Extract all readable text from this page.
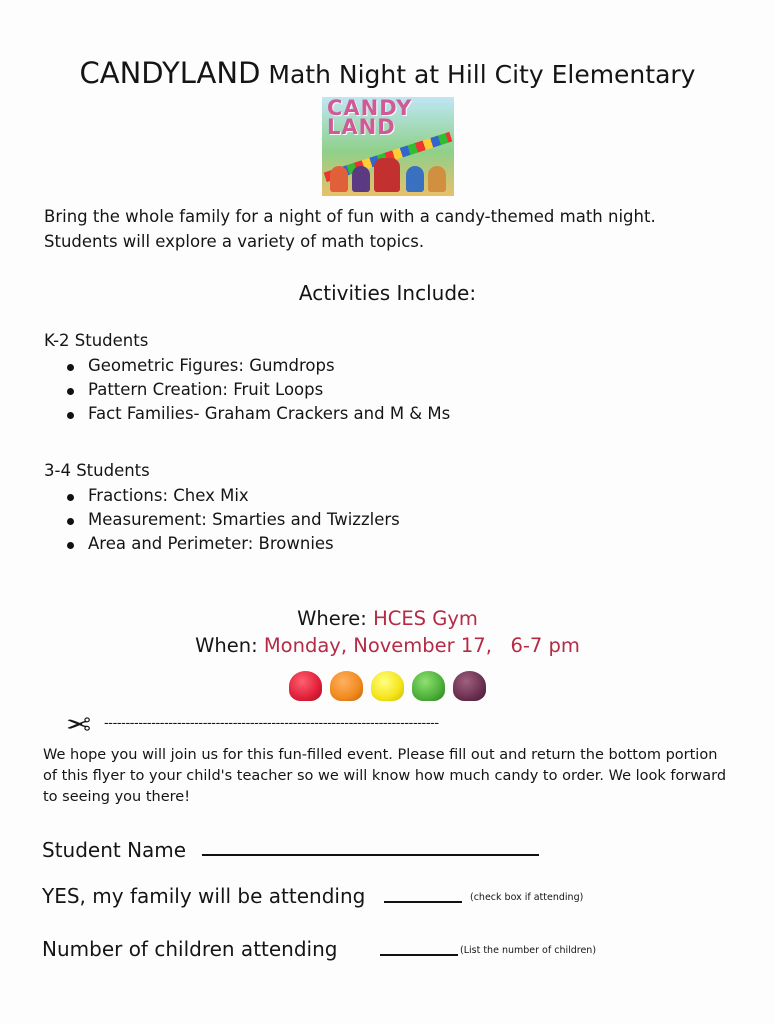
CANDYLAND Math Night at Hill City Elementary
CANDY
LAND
Bring the whole family for a night of fun with a candy-themed math night.
Students will explore a variety of math topics.
Activities Include:
K-2 Students
Geometric Figures: Gumdrops
Pattern Creation: Fruit Loops
Fact Families- Graham Crackers and M & Ms
3-4 Students
Fractions: Chex Mix
Measurement: Smarties and Twizzlers
Area and Perimeter: Brownies
Where: HCES Gym
When: Monday, November 17,   6-7 pm
✂ ------------------------------------------------------------------------------
We hope you will join us for this fun-filled event. Please fill out and return the bottom portion of this flyer to your child's teacher so we will know how much candy to order. We look forward to seeing you there!
Student Name
YES, my family will be attending	(check box if attending)
Number of children attending	(List the number of children)
